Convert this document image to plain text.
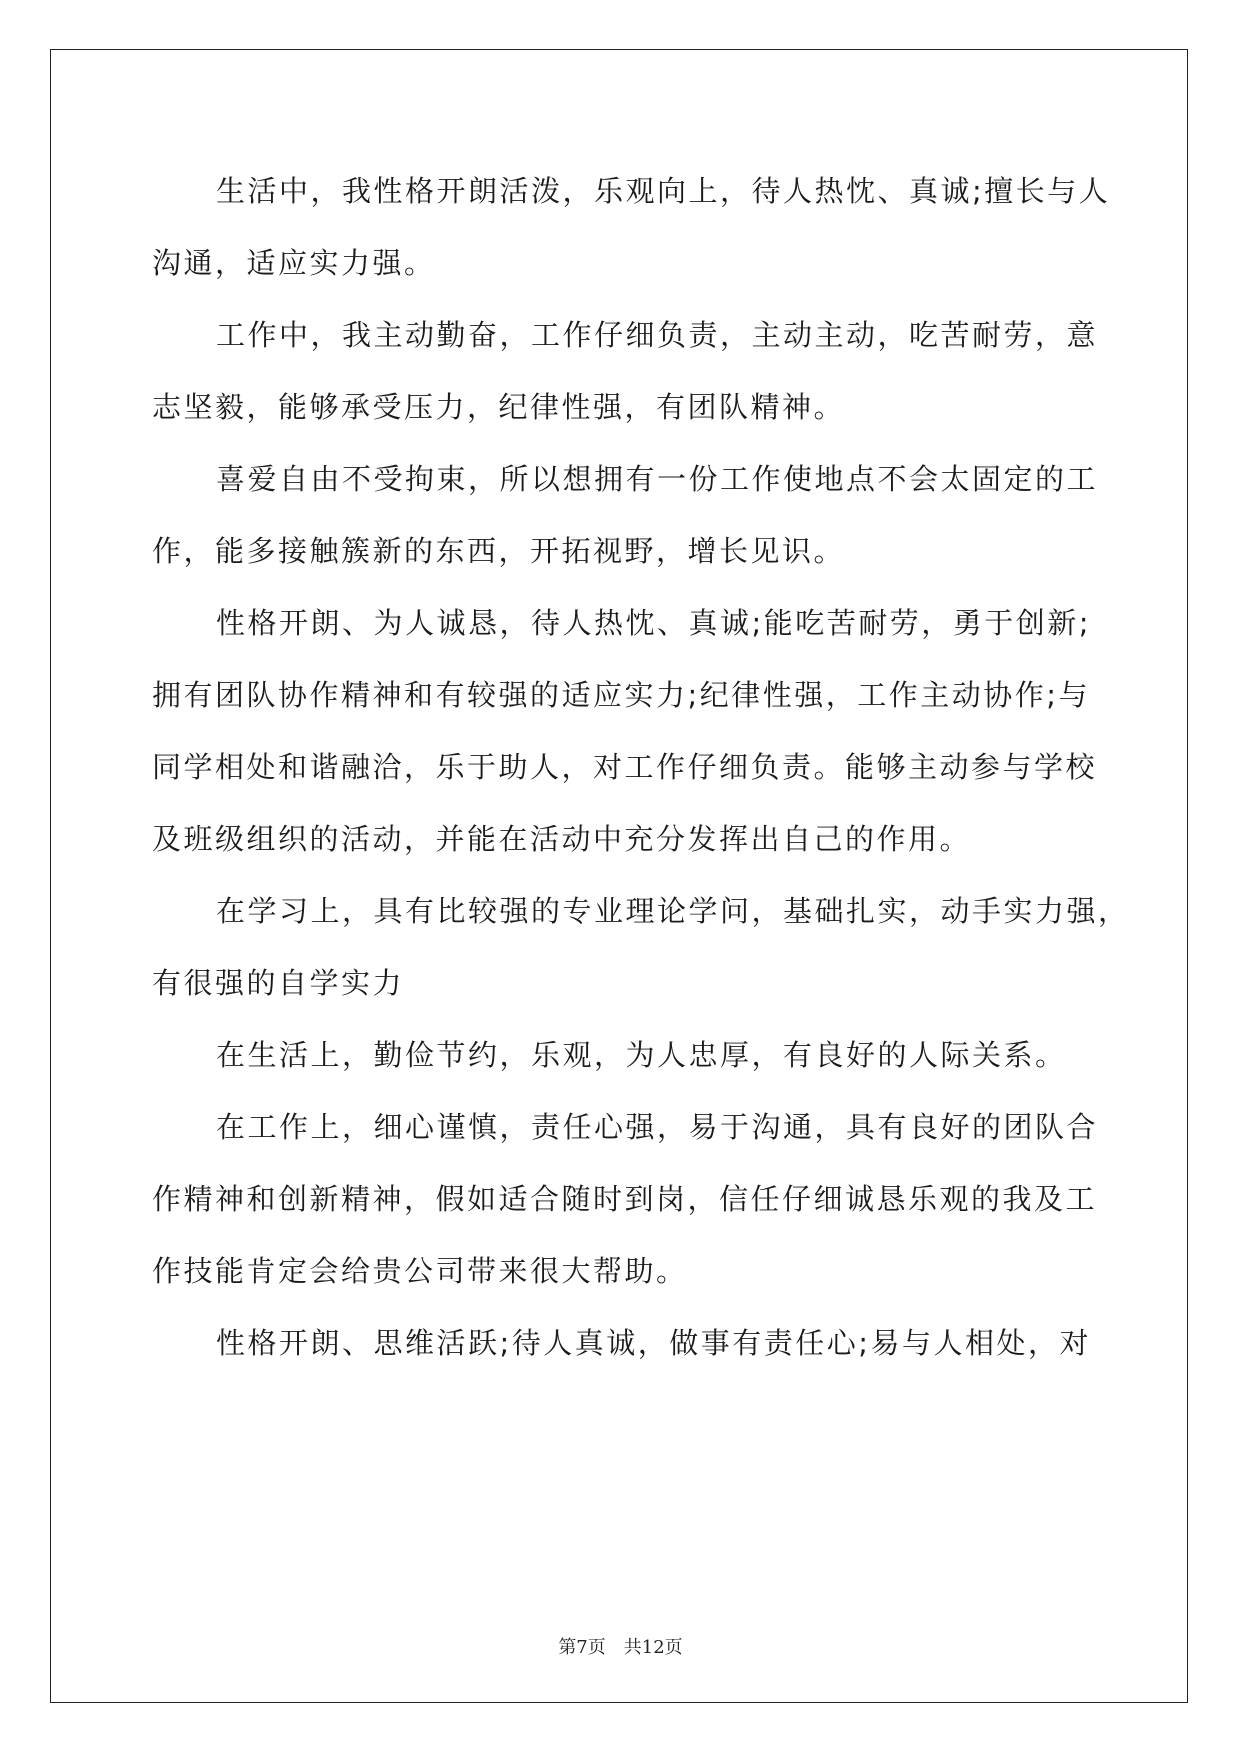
生活中，我性格开朗活泼，乐观向上，待人热忱、真诚;擅长与人
沟通，适应实力强。
工作中，我主动勤奋，工作仔细负责，主动主动，吃苦耐劳，意
志坚毅，能够承受压力，纪律性强，有团队精神。
喜爱自由不受拘束，所以想拥有一份工作使地点不会太固定的工
作，能多接触簇新的东西，开拓视野，增长见识。
性格开朗、为人诚恳，待人热忱、真诚;能吃苦耐劳，勇于创新;
拥有团队协作精神和有较强的适应实力;纪律性强，工作主动协作;与
同学相处和谐融洽，乐于助人，对工作仔细负责。能够主动参与学校
及班级组织的活动，并能在活动中充分发挥出自己的作用。
在学习上，具有比较强的专业理论学问，基础扎实，动手实力强，
有很强的自学实力
在生活上，勤俭节约，乐观，为人忠厚，有良好的人际关系。
在工作上，细心谨慎，责任心强，易于沟通，具有良好的团队合
作精神和创新精神，假如适合随时到岗，信任仔细诚恳乐观的我及工
作技能肯定会给贵公司带来很大帮助。
性格开朗、思维活跃;待人真诚，做事有责任心;易与人相处，对
第7页 共12页
